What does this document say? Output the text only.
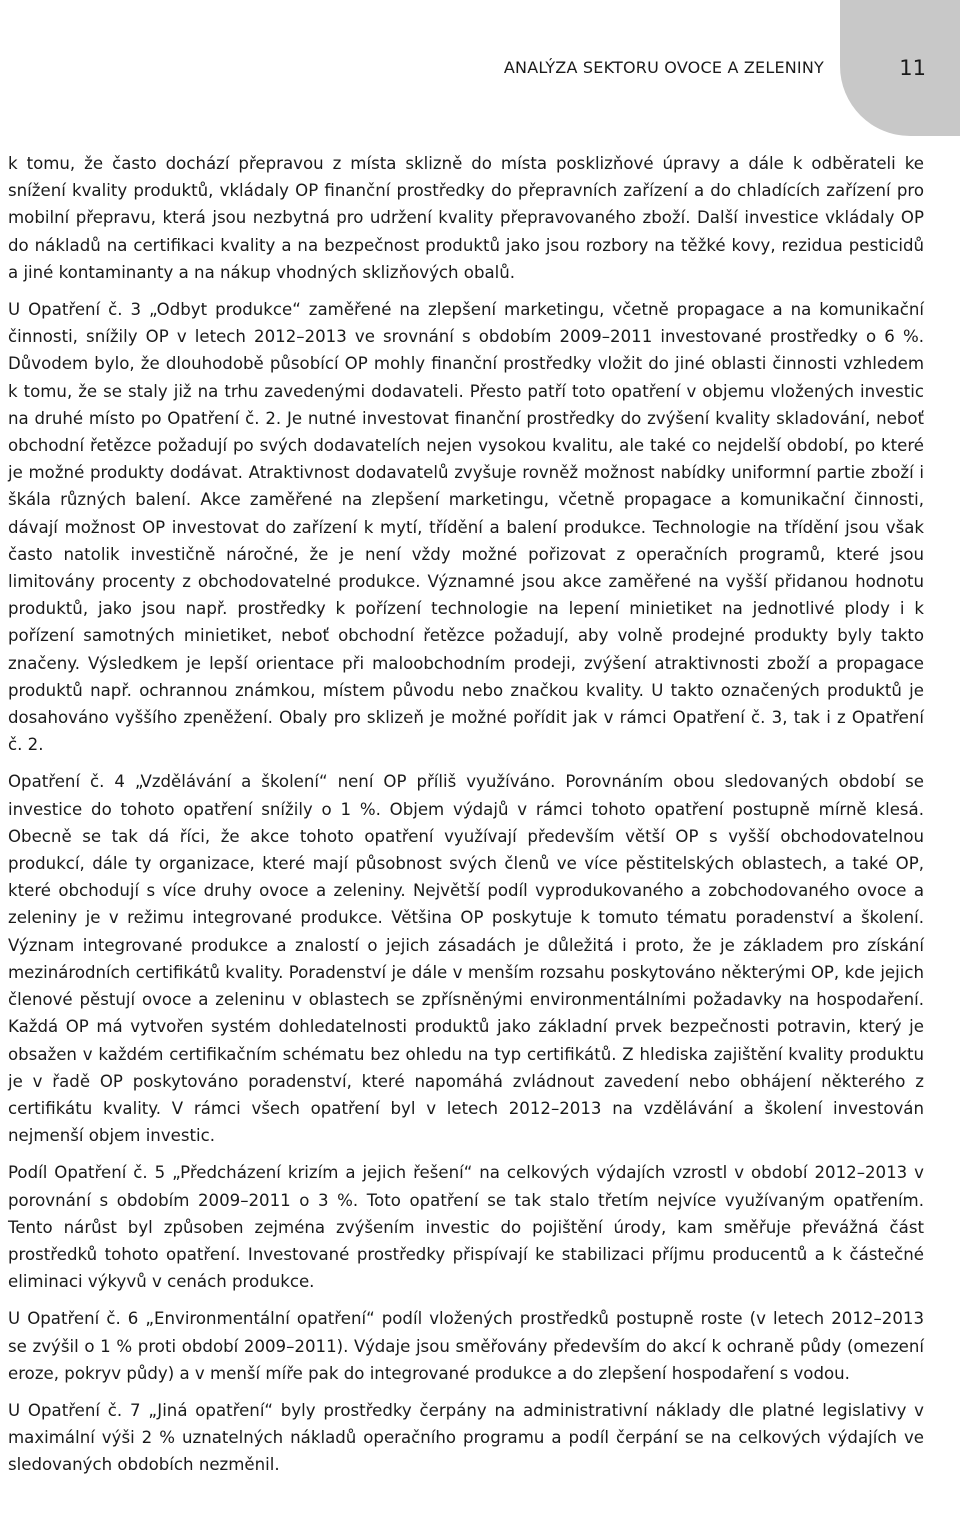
ANALÝZA SEKTORU OVOCE A ZELENINY	11

k tomu, že často dochází přepravou z místa sklizně do místa posklizňové úpravy a dále k odběrateli ke snížení kvality produktů, vkládaly OP finanční prostředky do přepravních zařízení a do chladících zařízení pro mobilní přepravu, která jsou nezbytná pro udržení kvality přepravovaného zboží. Další investice vkládaly OP do nákladů na certifikaci kvality a na bezpečnost produktů jako jsou rozbory na těžké kovy, rezidua pesticidů a jiné kontaminanty a na nákup vhodných sklizňových obalů.

U Opatření č. 3 „Odbyt produkce“ zaměřené na zlepšení marketingu, včetně propagace a na komunikační činnosti, snížily OP v letech 2012–2013 ve srovnání s obdobím 2009–2011 investované prostředky o 6 %. Důvodem bylo, že dlouhodobě působící OP mohly finanční prostředky vložit do jiné oblasti činnosti vzhledem k tomu, že se staly již na trhu zavedenými dodavateli. Přesto patří toto opatření v objemu vložených investic na druhé místo po Opatření č. 2. Je nutné investovat finanční prostředky do zvýšení kvality skladování, neboť obchodní řetězce požadují po svých dodavatelích nejen vysokou kvalitu, ale také co nejdelší období, po které je možné produkty dodávat. Atraktivnost dodavatelů zvyšuje rovněž možnost nabídky uniformní partie zboží i škála různých balení. Akce zaměřené na zlepšení marketingu, včetně propagace a komunikační činnosti, dávají možnost OP investovat do zařízení k mytí, třídění a balení produkce. Technologie na třídění jsou však často natolik investičně náročné, že je není vždy možné pořizovat z operačních programů, které jsou limitovány procenty z obchodovatelné produkce. Významné jsou akce zaměřené na vyšší přidanou hodnotu produktů, jako jsou např. prostředky k pořízení technologie na lepení minietiket na jednotlivé plody i k pořízení samotných minietiket, neboť obchodní řetězce požadují, aby volně prodejné produkty byly takto značeny. Výsledkem je lepší orientace při maloobchodním prodeji, zvýšení atraktivnosti zboží a propagace produktů např. ochrannou známkou, místem původu nebo značkou kvality. U takto označených produktů je dosahováno vyššího zpeněžení. Obaly pro sklizeň je možné pořídit jak v rámci Opatření č. 3, tak i z Opatření č. 2.

Opatření č. 4 „Vzdělávání a školení“ není OP příliš využíváno. Porovnáním obou sledovaných období se investice do tohoto opatření snížily o 1 %. Objem výdajů v rámci tohoto opatření postupně mírně klesá. Obecně se tak dá říci, že akce tohoto opatření využívají především větší OP s vyšší obchodovatelnou produkcí, dále ty organizace, které mají působnost svých členů ve více pěstitelských oblastech, a také OP, které obchodují s více druhy ovoce a zeleniny. Největší podíl vyprodukovaného a zobchodovaného ovoce a zeleniny je v režimu integrované produkce. Většina OP poskytuje k tomuto tématu poradenství a školení. Význam integrované produkce a znalostí o jejich zásadách je důležitá i proto, že je základem pro získání mezinárodních certifikátů kvality. Poradenství je dále v menším rozsahu poskytováno některými OP, kde jejich členové pěstují ovoce a zeleninu v oblastech se zpřísněnými environmentálními požadavky na hospodaření. Každá OP má vytvořen systém dohledatelnosti produktů jako základní prvek bezpečnosti potravin, který je obsažen v každém certifikačním schématu bez ohledu na typ certifikátů. Z hlediska zajištění kvality produktu je v řadě OP poskytováno poradenství, které napomáhá zvládnout zavedení nebo obhájení některého z certifikátu kvality. V rámci všech opatření byl v letech 2012–2013 na vzdělávání a školení investován nejmenší objem investic.

Podíl Opatření č. 5 „Předcházení krizím a jejich řešení“ na celkových výdajích vzrostl v období 2012–2013 v porovnání s obdobím 2009–2011 o 3 %. Toto opatření se tak stalo třetím nejvíce využívaným opatřením. Tento nárůst byl způsoben zejména zvýšením investic do pojištění úrody, kam směřuje převážná část prostředků tohoto opatření. Investované prostředky přispívají ke stabilizaci příjmu producentů a k částečné eliminaci výkyvů v cenách produkce.

U Opatření č. 6 „Environmentální opatření“ podíl vložených prostředků postupně roste (v letech 2012–2013 se zvýšil o 1 % proti období 2009–2011). Výdaje jsou směřovány především do akcí k ochraně půdy (omezení eroze, pokryv půdy) a v menší míře pak do integrované produkce a do zlepšení hospodaření s vodou.

U Opatření č. 7 „Jiná opatření“ byly prostředky čerpány na administrativní náklady dle platné legislativy v maximální výši 2 % uznatelných nákladů operačního programu a podíl čerpání se na celkových výdajích ve sledovaných obdobích nezměnil.
